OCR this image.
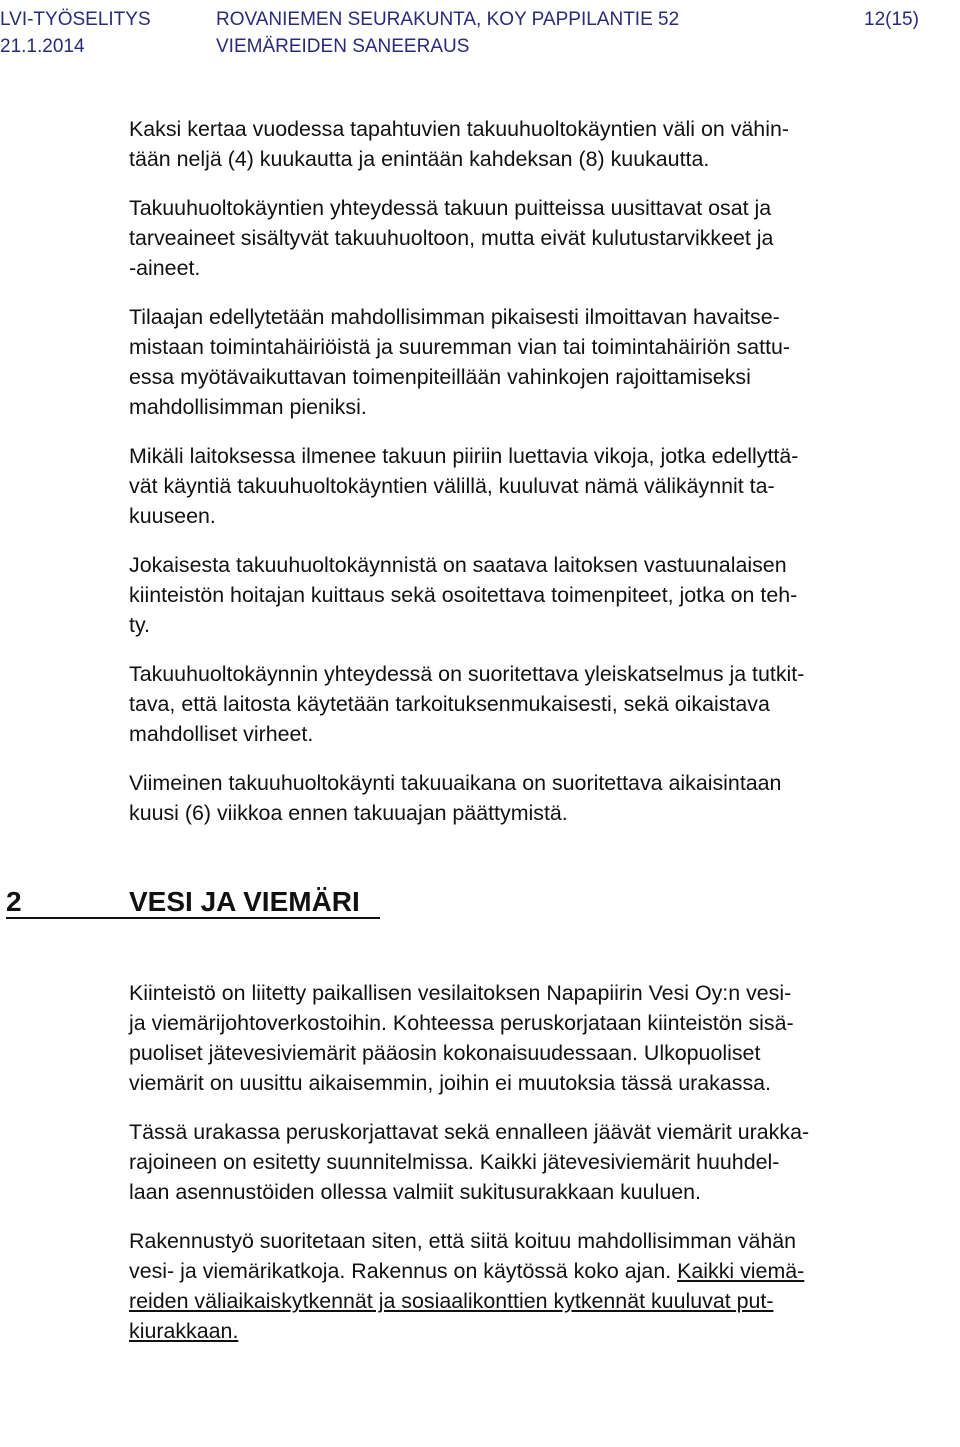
LVI-TYÖSELITYS
21.1.2014
ROVANIEMEN SEURAKUNTA, KOY PAPPILANTIE 52
VIEMÄREIDEN SANEERAUS
12(15)

Kaksi kertaa vuodessa tapahtuvien takuuhuoltokäyntien väli on vähin-
tään neljä (4) kuukautta ja enintään kahdeksan (8) kuukautta.

Takuuhuoltokäyntien yhteydessä takuun puitteissa uusittavat osat ja
tarveaineet sisältyvät takuuhuoltoon, mutta eivät kulutustarvikkeet ja
-aineet.

Tilaajan edellytetään mahdollisimman pikaisesti ilmoittavan havaitse-
mistaan toimintahäiriöistä ja suuremman vian tai toimintahäiriön sattu-
essa myötävaikuttavan toimenpiteillään vahinkojen rajoittamiseksi
mahdollisimman pieniksi.

Mikäli laitoksessa ilmenee takuun piiriin luettavia vikoja, jotka edellyttä-
vät käyntiä takuuhuoltokäyntien välillä, kuuluvat nämä välikäynnit ta-
kuuseen.

Jokaisesta takuuhuoltokäynnistä on saatava laitoksen vastuunalaisen
kiinteistön hoitajan kuittaus sekä osoitettava toimenpiteet, jotka on teh-
ty.

Takuuhuoltokäynnin yhteydessä on suoritettava yleiskatselmus ja tutkit-
tava, että laitosta käytetään tarkoituksenmukaisesti, sekä oikaistava
mahdolliset virheet.

Viimeinen takuuhuoltokäynti takuuaikana on suoritettava aikaisintaan
kuusi (6) viikkoa ennen takuuajan päättymistä.

2	VESI JA VIEMÄRI

Kiinteistö on liitetty paikallisen vesilaitoksen Napapiirin Vesi Oy:n vesi-
ja viemärijohtoverkostoihin. Kohteessa peruskorjataan kiinteistön sisä-
puoliset jätevesiviemärit pääosin kokonaisuudessaan. Ulkopuoliset
viemärit on uusittu aikaisemmin, joihin ei muutoksia tässä urakassa.

Tässä urakassa peruskorjattavat sekä ennalleen jäävät viemärit urakka-
rajoineen on esitetty suunnitelmissa. Kaikki jätevesiviemärit huuhdel-
laan asennustöiden ollessa valmiit sukitusurakkaan kuuluen.

Rakennustyö suoritetaan siten, että siitä koituu mahdollisimman vähän
vesi- ja viemärikatkoja. Rakennus on käytössä koko ajan. Kaikki viemä-
reiden väliaikaiskytkennät ja sosiaalikonttien kytkennät kuuluvat put-
kiurakkaan.
